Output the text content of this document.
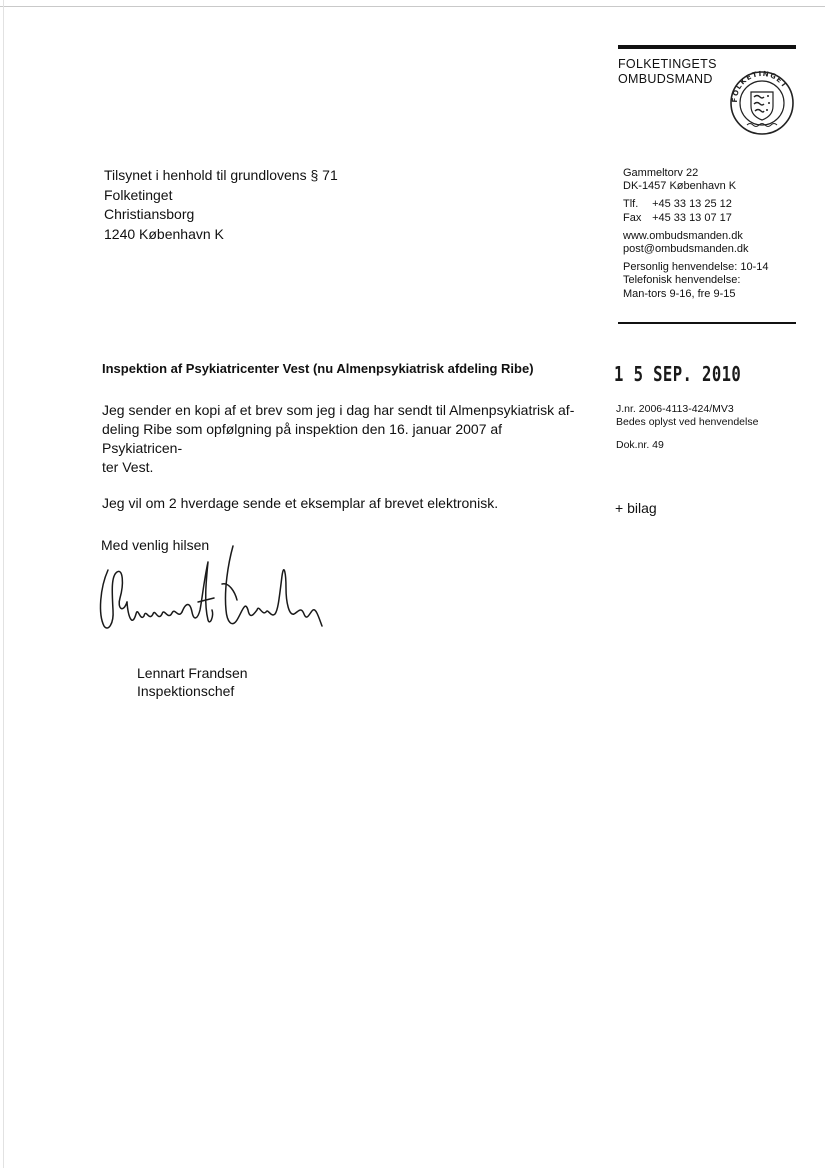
FOLKETINGETS
OMBUDSMAND
FOLKETINGET
Tilsynet i henhold til grundlovens § 71
Folketinget
Christiansborg
1240 København K
Gammeltorv 22
DK-1457 København K
Tlf. +45 33 13 25 12
Fax +45 33 13 07 17
www.ombudsmanden.dk
post@ombudsmanden.dk
Personlig henvendelse: 10-14
Telefonisk henvendelse:
Man-tors 9-16, fre 9-15
Inspektion af Psykiatricenter Vest (nu Almenpsykiatrisk afdeling Ribe)	1 5 SEP. 2010

Jeg sender en kopi af et brev som jeg i dag har sendt til Almenpsykiatrisk af-
deling Ribe som opfølgning på inspektion den 16. januar 2007 af Psykiatricen-
ter Vest.

Jeg vil om 2 hverdage sende et eksemplar af brevet elektronisk.

J.nr. 2006-4113-424/MV3
Bedes oplyst ved henvendelse
Dok.nr. 49
+ bilag
Med venlig hilsen
Lennart Frandsen
Inspektionschef
